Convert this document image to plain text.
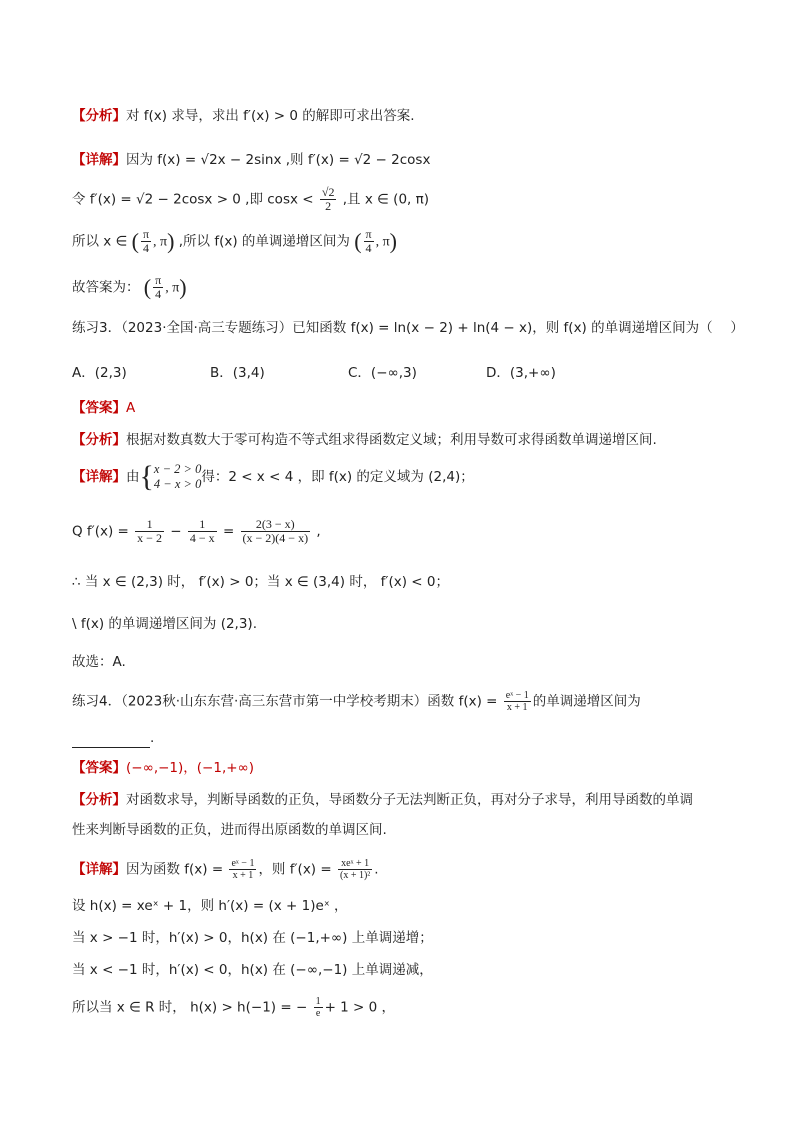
【分析】对 f(x) 求导，求出 f′(x) > 0 的解即可求出答案.
【详解】因为 f(x) = √2x − 2sinx ,则 f′(x) = √2 − 2cosx
令 f′(x) = √2 − 2cosx > 0 ,即 $\cos x < \frac{√2}{2}$ ,且 x ∈ (0, π)
所以 x ∈ ( $\frac{\pi}{4}$ , π) ,所以 f(x) 的单调递增区间为 ( $\frac{\pi}{4}$ , π)
故答案为： ( $\frac{\pi}{4}$ , π)
练习3．（2023·全国·高三专题练习）已知函数 f(x) = ln(x − 2) + ln(4 − x)，则 f(x) 的单调递增区间为（　 ）
A．(2,3)	B．(3,4)	C．(−∞,3)	D．(3,+∞)
【答案】A
【分析】根据对数真数大于零可构造不等式组求得函数定义域；利用导数可求得函数单调递增区间.
【详解】由{ x − 2 > 0
4 − x > 0 得：2 < x < 4 ，即 f(x) 的定义域为 (2,4)；
Q $f'(x) = \frac{1}{x - 2} - \frac{1}{4 - x} = \frac{2(3 - x)}{(x - 2)(4 - x)}$ ,
∴ 当 x ∈ (2,3) 时， f′(x) > 0；当 x ∈ (3,4) 时， f′(x) < 0；
\ f(x) 的单调递增区间为 (2,3).
故选：A.
练习4．（2023秋·山东东营·高三东营市第一中学校考期末）函数 $f(x) = \frac{\text{eˣ − 1}}{x + 1}$ 的单调递增区间为
.
【答案】(−∞,−1)，(−1,+∞)
【分析】对函数求导，判断导函数的正负，导函数分子无法判断正负，再对分子求导，利用导函数的单调
性来判断导函数的正负，进而得出原函数的单调区间.
【详解】因为函数 $f(x) = \frac{\text{eˣ − 1}}{x + 1}$ ，则 $f'(x) = \frac{\text{xeˣ + 1}}{\text{(x + 1)²}}$ .
设 h(x) = xeˣ + 1，则 h′(x) = (x + 1)eˣ ，
当 x > −1 时，h′(x) > 0，h(x) 在 (−1,+∞) 上单调递增；
当 x < −1 时，h′(x) < 0，h(x) 在 (−∞,−1) 上单调递减，
所以当 x ∈ R 时， h(x) > h(−1) = − $\frac{1}{e} + 1 > 0$ ，
